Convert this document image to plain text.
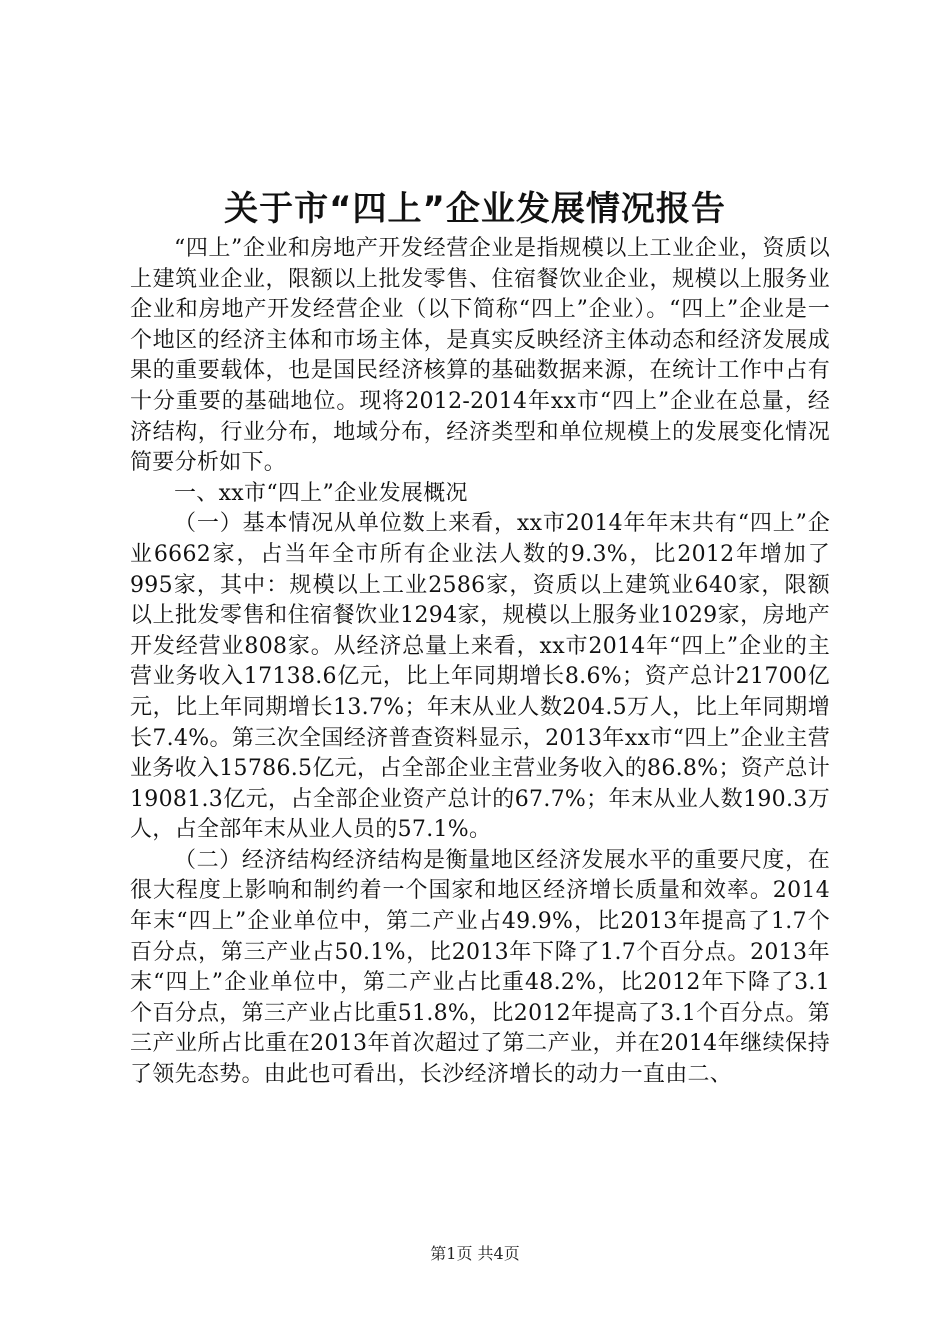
关于市“四上”企业发展情况报告

“四上”企业和房地产开发经营企业是指规模以上工业企业，资质以上建筑业企业，限额以上批发零售、住宿餐饮业企业，规模以上服务业企业和房地产开发经营企业（以下简称“四上”企业）。“四上”企业是一个地区的经济主体和市场主体，是真实反映经济主体动态和经济发展成果的重要载体，也是国民经济核算的基础数据来源，在统计工作中占有十分重要的基础地位。现将2012-2014年xx市“四上”企业在总量，经济结构，行业分布，地域分布，经济类型和单位规模上的发展变化情况简要分析如下。

一、xx市“四上”企业发展概况

（一）基本情况从单位数上来看，xx市2014年年末共有“四上”企业6662家，占当年全市所有企业法人数的9.3%，比2012年增加了995家，其中：规模以上工业2586家，资质以上建筑业640家，限额以上批发零售和住宿餐饮业1294家，规模以上服务业1029家，房地产开发经营业808家。从经济总量上来看，xx市2014年“四上”企业的主营业务收入17138.6亿元，比上年同期增长8.6%；资产总计21700亿元，比上年同期增长13.7%；年末从业人数204.5万人，比上年同期增长7.4%。第三次全国经济普查资料显示，2013年xx市“四上”企业主营业务收入15786.5亿元，占全部企业主营业务收入的86.8%；资产总计19081.3亿元，占全部企业资产总计的67.7%；年末从业人数190.3万人，占全部年末从业人员的57.1%。

（二）经济结构经济结构是衡量地区经济发展水平的重要尺度，在很大程度上影响和制约着一个国家和地区经济增长质量和效率。2014年末“四上”企业单位中，第二产业占49.9%，比2013年提高了1.7个百分点，第三产业占50.1%，比2013年下降了1.7个百分点。2013年末“四上”企业单位中，第二产业占比重48.2%，比2012年下降了3.1个百分点，第三产业占比重51.8%，比2012年提高了3.1个百分点。第三产业所占比重在2013年首次超过了第二产业，并在2014年继续保持了领先态势。由此也可看出，长沙经济增长的动力一直由二、

第1页 共4页
